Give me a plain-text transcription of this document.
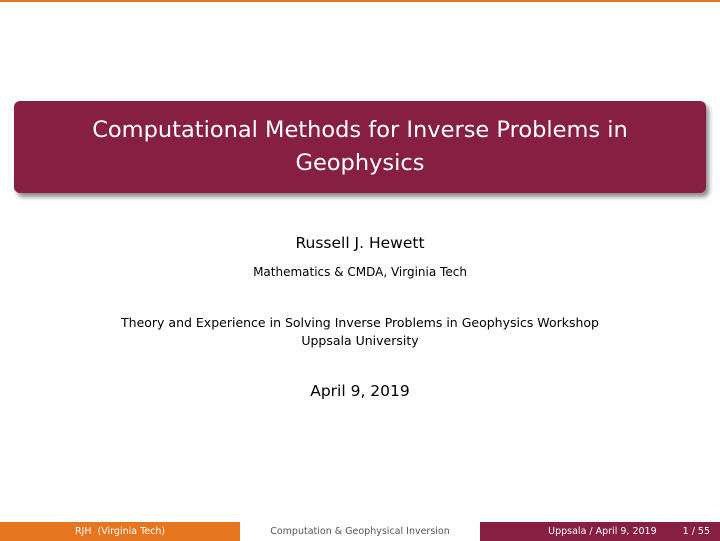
Computational Methods for Inverse Problems in Geophysics
Russell J. Hewett
Mathematics & CMDA, Virginia Tech
Theory and Experience in Solving Inverse Problems in Geophysics Workshop
Uppsala University
April 9, 2019
RJH  (Virginia Tech)	Computation & Geophysical Inversion	Uppsala / April 9, 2019	1 / 55
